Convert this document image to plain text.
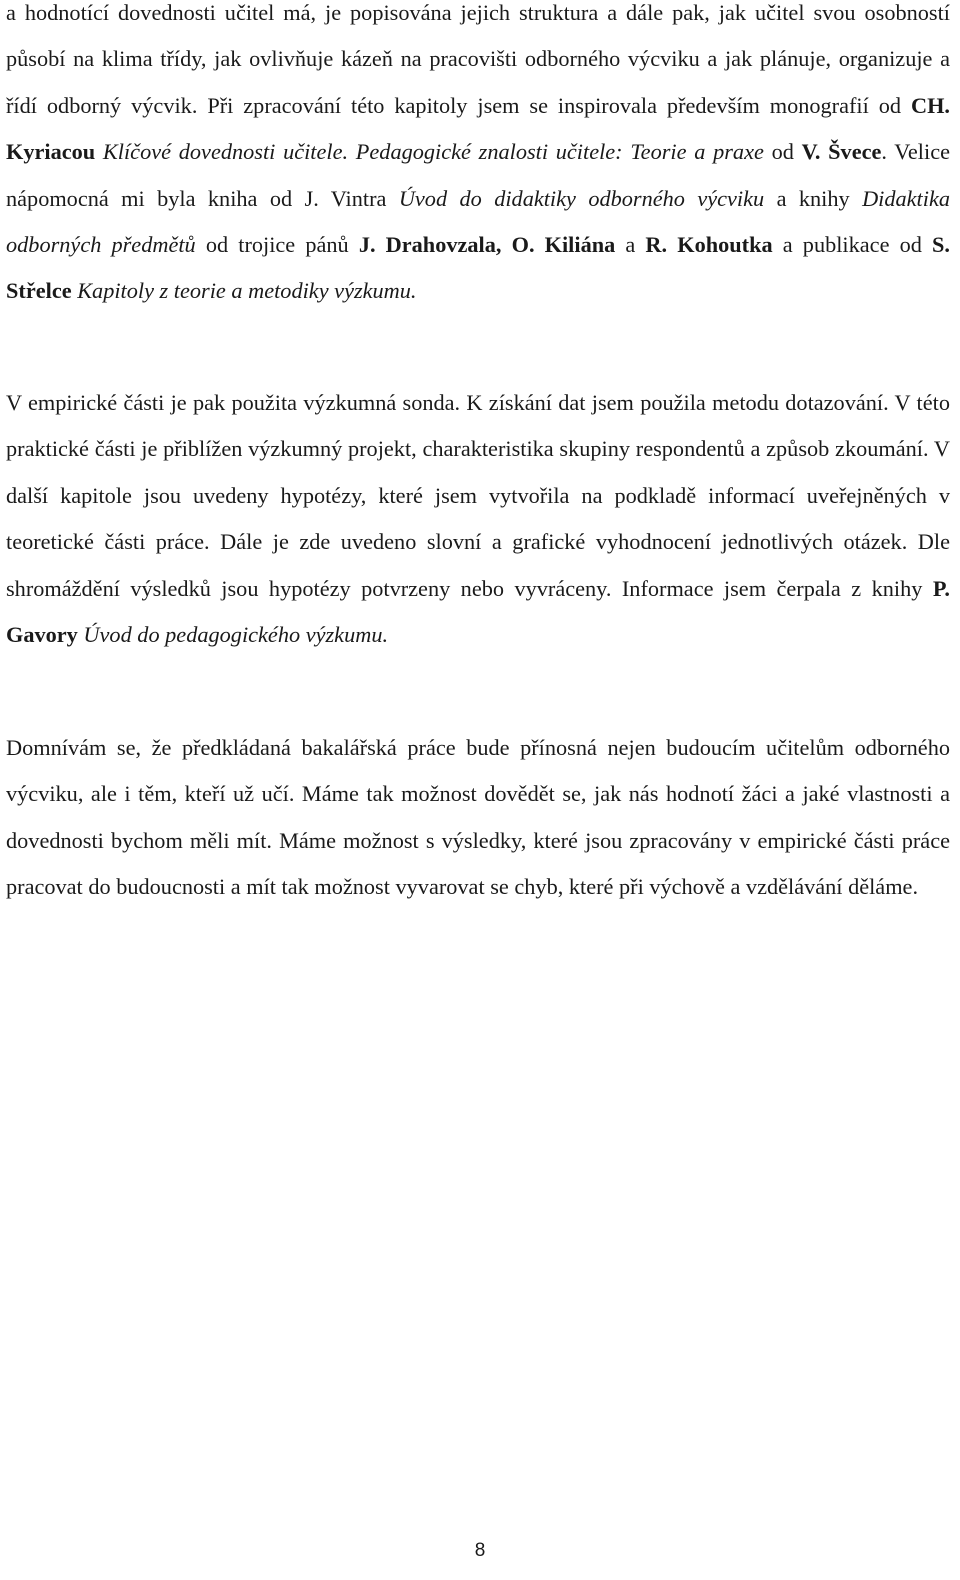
a hodnotící dovednosti učitel má, je popisována jejich struktura a dále pak, jak učitel svou osobností působí na klima třídy, jak ovlivňuje kázeň na pracovišti odborného výcviku a jak plánuje, organizuje a řídí odborný výcvik. Při zpracování této kapitoly jsem se inspirovala především monografií od CH. Kyriacou Klíčové dovednosti učitele. Pedagogické znalosti učitele: Teorie a praxe od V. Švece. Velice nápomocná mi byla kniha od J. Vintra Úvod do didaktiky odborného výcviku a knihy Didaktika odborných předmětů od trojice pánů J. Drahovzala, O. Kiliána a R. Kohoutka a publikace od S. Střelce Kapitoly z teorie a metodiky výzkumu.

V empirické části je pak použita výzkumná sonda. K získání dat jsem použila metodu dotazování. V této praktické části je přiblížen výzkumný projekt, charakteristika skupiny respondentů a způsob zkoumání. V další kapitole jsou uvedeny hypotézy, které jsem vytvořila na podkladě informací uveřejněných v teoretické části práce. Dále je zde uvedeno slovní a grafické vyhodnocení jednotlivých otázek. Dle shromáždění výsledků jsou hypotézy potvrzeny nebo vyvráceny. Informace jsem čerpala z knihy P. Gavory Úvod do pedagogického výzkumu.

Domnívám se, že předkládaná bakalářská práce bude přínosná nejen budoucím učitelům odborného výcviku, ale i těm, kteří už učí. Máme tak možnost dovědět se, jak nás hodnotí žáci a jaké vlastnosti a dovednosti bychom měli mít. Máme možnost s výsledky, které jsou zpracovány v empirické části práce pracovat do budoucnosti a mít tak možnost vyvarovat se chyb, které při výchově a vzdělávání děláme.

8
